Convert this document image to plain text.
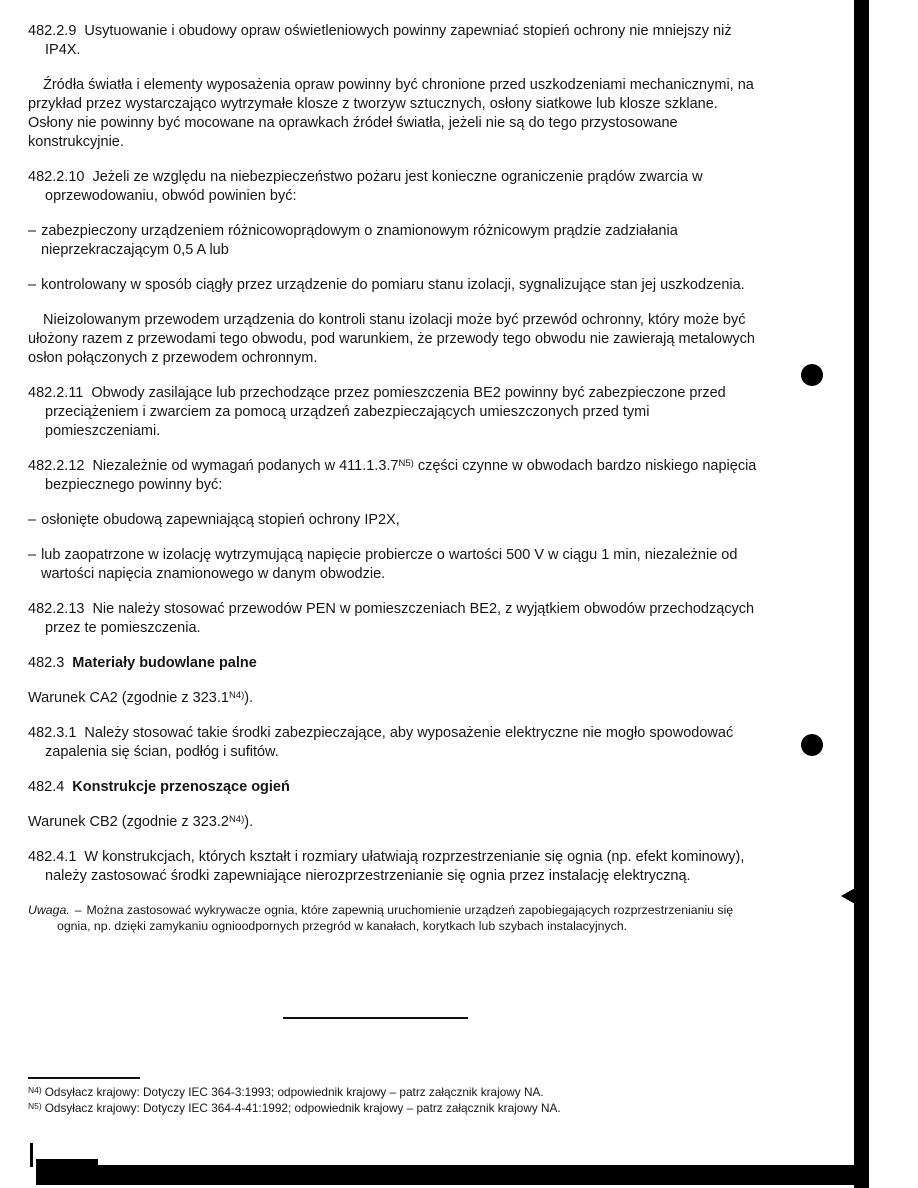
482.2.9 Usytuowanie i obudowy opraw oświetleniowych powinny zapewniać stopień ochrony nie mniejszy niż IP4X.

Źródła światła i elementy wyposażenia opraw powinny być chronione przed uszkodzeniami mechanicznymi, na przykład przez wystarczająco wytrzymałe klosze z tworzyw sztucznych, osłony siatkowe lub klosze szklane. Osłony nie powinny być mocowane na oprawkach źródeł światła, jeżeli nie są do tego przystosowane konstrukcyjnie.

482.2.10 Jeżeli ze względu na niebezpieczeństwo pożaru jest konieczne ograniczenie prądów zwarcia w oprzewodowaniu, obwód powinien być:

– zabezpieczony urządzeniem różnicowoprądowym o znamionowym różnicowym prądzie zadziałania nieprzekraczającym 0,5 A lub

– kontrolowany w sposób ciągły przez urządzenie do pomiaru stanu izolacji, sygnalizujące stan jej uszkodzenia.

Nieizolowanym przewodem urządzenia do kontroli stanu izolacji może być przewód ochronny, który może być ułożony razem z przewodami tego obwodu, pod warunkiem, że przewody tego obwodu nie zawierają metalowych osłon połączonych z przewodem ochronnym.

482.2.11 Obwody zasilające lub przechodzące przez pomieszczenia BE2 powinny być zabezpieczone przed przeciążeniem i zwarciem za pomocą urządzeń zabezpieczających umieszczonych przed tymi pomieszczeniami.

482.2.12 Niezależnie od wymagań podanych w $411.1.3.7^{N5)}$ części czynne w obwodach bardzo niskiego napięcia bezpiecznego powinny być:

– osłonięte obudową zapewniającą stopień ochrony IP2X,

– lub zaopatrzone w izolację wytrzymującą napięcie probiercze o wartości 500 V w ciągu 1 min, niezależnie od wartości napięcia znamionowego w danym obwodzie.

482.2.13 Nie należy stosować przewodów PEN w pomieszczeniach BE2, z wyjątkiem obwodów przechodzących przez te pomieszczenia.

482.3 Materiały budowlane palne

Warunek CA2 (zgodnie z $323.1^{N4)}$).

482.3.1 Należy stosować takie środki zabezpieczające, aby wyposażenie elektryczne nie mogło spowodować zapalenia się ścian, podłóg i sufitów.

482.4 Konstrukcje przenoszące ogień

Warunek CB2 (zgodnie z $323.2^{N4)}$).

482.4.1 W konstrukcjach, których kształt i rozmiary ułatwiają rozprzestrzenianie się ognia (np. efekt kominowy), należy zastosować środki zapewniające nierozprzestrzenianie się ognia przez instalację elektryczną.

Uwaga. – Można zastosować wykrywacze ognia, które zapewnią uruchomienie urządzeń zapobiegających rozprzestrzenianiu się ognia, np. dzięki zamykaniu ognioodpornych przegród w kanałach, korytkach lub szybach instalacyjnych.

$^{N4)}$ Odsyłacz krajowy: Dotyczy IEC 364-3:1993; odpowiednik krajowy – patrz załącznik krajowy NA.

$^{N5)}$ Odsyłacz krajowy: Dotyczy IEC 364-4-41:1992; odpowiednik krajowy – patrz załącznik krajowy NA.
